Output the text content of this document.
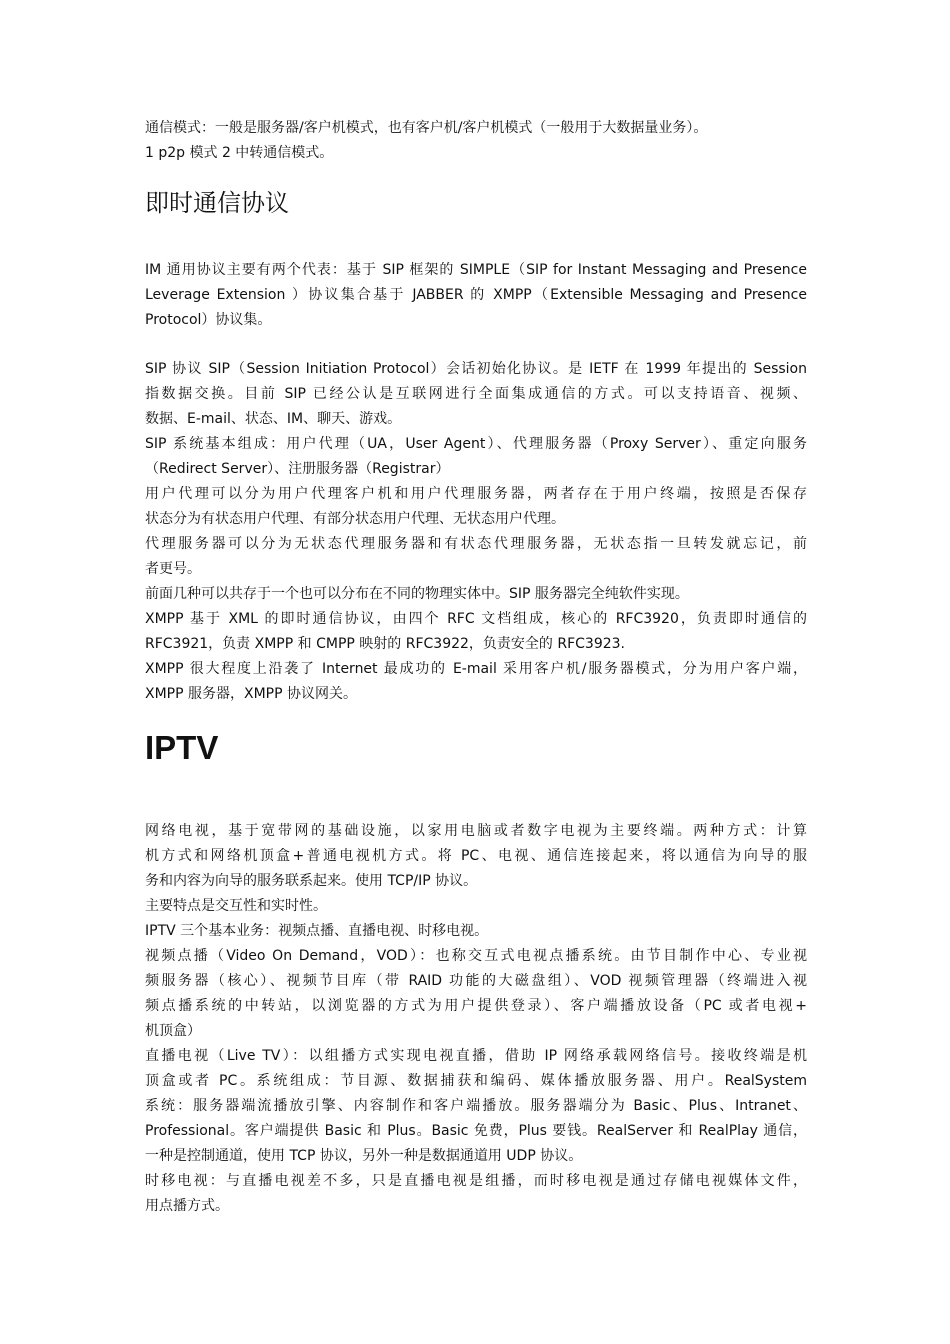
通信模式：一般是服务器/客户机模式，也有客户机/客户机模式（一般用于大数据量业务）。
1 p2p 模式 2 中转通信模式。
即时通信协议
IM 通用协议主要有两个代表：基于 SIP 框架的 SIMPLE（SIP for Instant Messaging and Presence
Leverage Extension ）协议集合基于 JABBER 的 XMPP（Extensible Messaging and Presence
Protocol）协议集。
SIP 协议 SIP（Session Initiation Protocol）会话初始化协议。是 IETF 在 1999 年提出的 Session
指数据交换。目前 SIP 已经公认是互联网进行全面集成通信的方式。可以支持语音、视频、
数据、E-mail、状态、IM、聊天、游戏。
SIP 系统基本组成：用户代理（UA，User Agent）、代理服务器（Proxy Server）、重定向服务
（Redirect Server）、注册服务器（Registrar）
用户代理可以分为用户代理客户机和用户代理服务器，两者存在于用户终端，按照是否保存
状态分为有状态用户代理、有部分状态用户代理、无状态用户代理。
代理服务器可以分为无状态代理服务器和有状态代理服务器，无状态指一旦转发就忘记，前
者更号。
前面几种可以共存于一个也可以分布在不同的物理实体中。SIP 服务器完全纯软件实现。
XMPP 基于 XML 的即时通信协议，由四个 RFC 文档组成，核心的 RFC3920，负责即时通信的
RFC3921，负责 XMPP 和 CMPP 映射的 RFC3922，负责安全的 RFC3923.
XMPP 很大程度上沿袭了 Internet 最成功的 E-mail 采用客户机/服务器模式，分为用户客户端，
XMPP 服务器，XMPP 协议网关。
IPTV
网络电视，基于宽带网的基础设施，以家用电脑或者数字电视为主要终端。两种方式：计算
机方式和网络机顶盒+普通电视机方式。将 PC、电视、通信连接起来，将以通信为向导的服
务和内容为向导的服务联系起来。使用 TCP/IP 协议。
主要特点是交互性和实时性。
IPTV 三个基本业务：视频点播、直播电视、时移电视。
视频点播（Video On Demand，VOD）：也称交互式电视点播系统。由节目制作中心、专业视
频服务器（核心）、视频节目库（带 RAID 功能的大磁盘组）、VOD 视频管理器（终端进入视
频点播系统的中转站，以浏览器的方式为用户提供登录）、客户端播放设备（PC 或者电视+
机顶盒）
直播电视（Live TV）：以组播方式实现电视直播，借助 IP 网络承载网络信号。接收终端是机
顶盒或者 PC。系统组成：节目源、数据捕获和编码、媒体播放服务器、用户。RealSystem
系统：服务器端流播放引擎、内容制作和客户端播放。服务器端分为 Basic、Plus、Intranet、
Professional。客户端提供 Basic 和 Plus。Basic 免费，Plus 要钱。RealServer 和 RealPlay 通信，
一种是控制通道，使用 TCP 协议，另外一种是数据通道用 UDP 协议。
时移电视：与直播电视差不多，只是直播电视是组播，而时移电视是通过存储电视媒体文件，
用点播方式。
